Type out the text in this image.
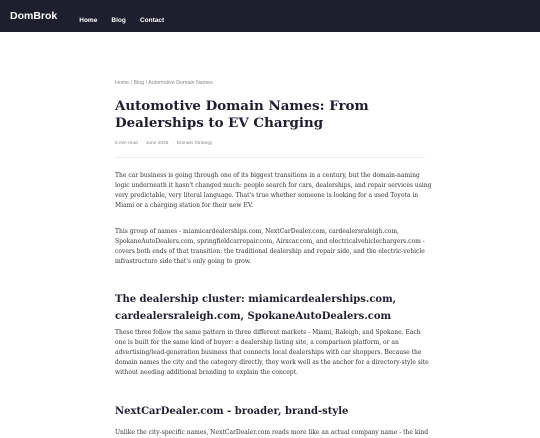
DomBrok	Home Blog Contact
Home / Blog / Automotive Domain Names
Automotive Domain Names: From Dealerships to EV Charging
5 min read · June 2026 · Domain Strategy

The car business is going through one of its biggest transitions in a century, but the domain-naming logic underneath it hasn't changed much: people search for cars, dealerships, and repair services using very predictable, very literal language. That's true whether someone is looking for a used Toyota in Miami or a charging station for their new EV.

This group of names - miamicardealerships.com, NextCarDealer.com, cardealersraleigh.com, SpokaneAutoDealers.com, springfieldcarrepair.com, Airxcar.com, and electricalvehiclechargers.com - covers both ends of that transition: the traditional dealership and repair side, and the electric-vehicle infrastructure side that's only going to grow.

The dealership cluster: miamicardealerships.com, cardealersraleigh.com, SpokaneAutoDealers.com

These three follow the same pattern in three different markets - Miami, Raleigh, and Spokane. Each one is built for the same kind of buyer: a dealership listing site, a comparison platform, or an advertising/lead-generation business that connects local dealerships with car shoppers. Because the domain names the city and the category directly, they work well as the anchor for a directory-style site without needing additional branding to explain the concept.

NextCarDealer.com - broader, brand-style

Unlike the city-specific names, NextCarDealer.com reads more like an actual company name - the kind
